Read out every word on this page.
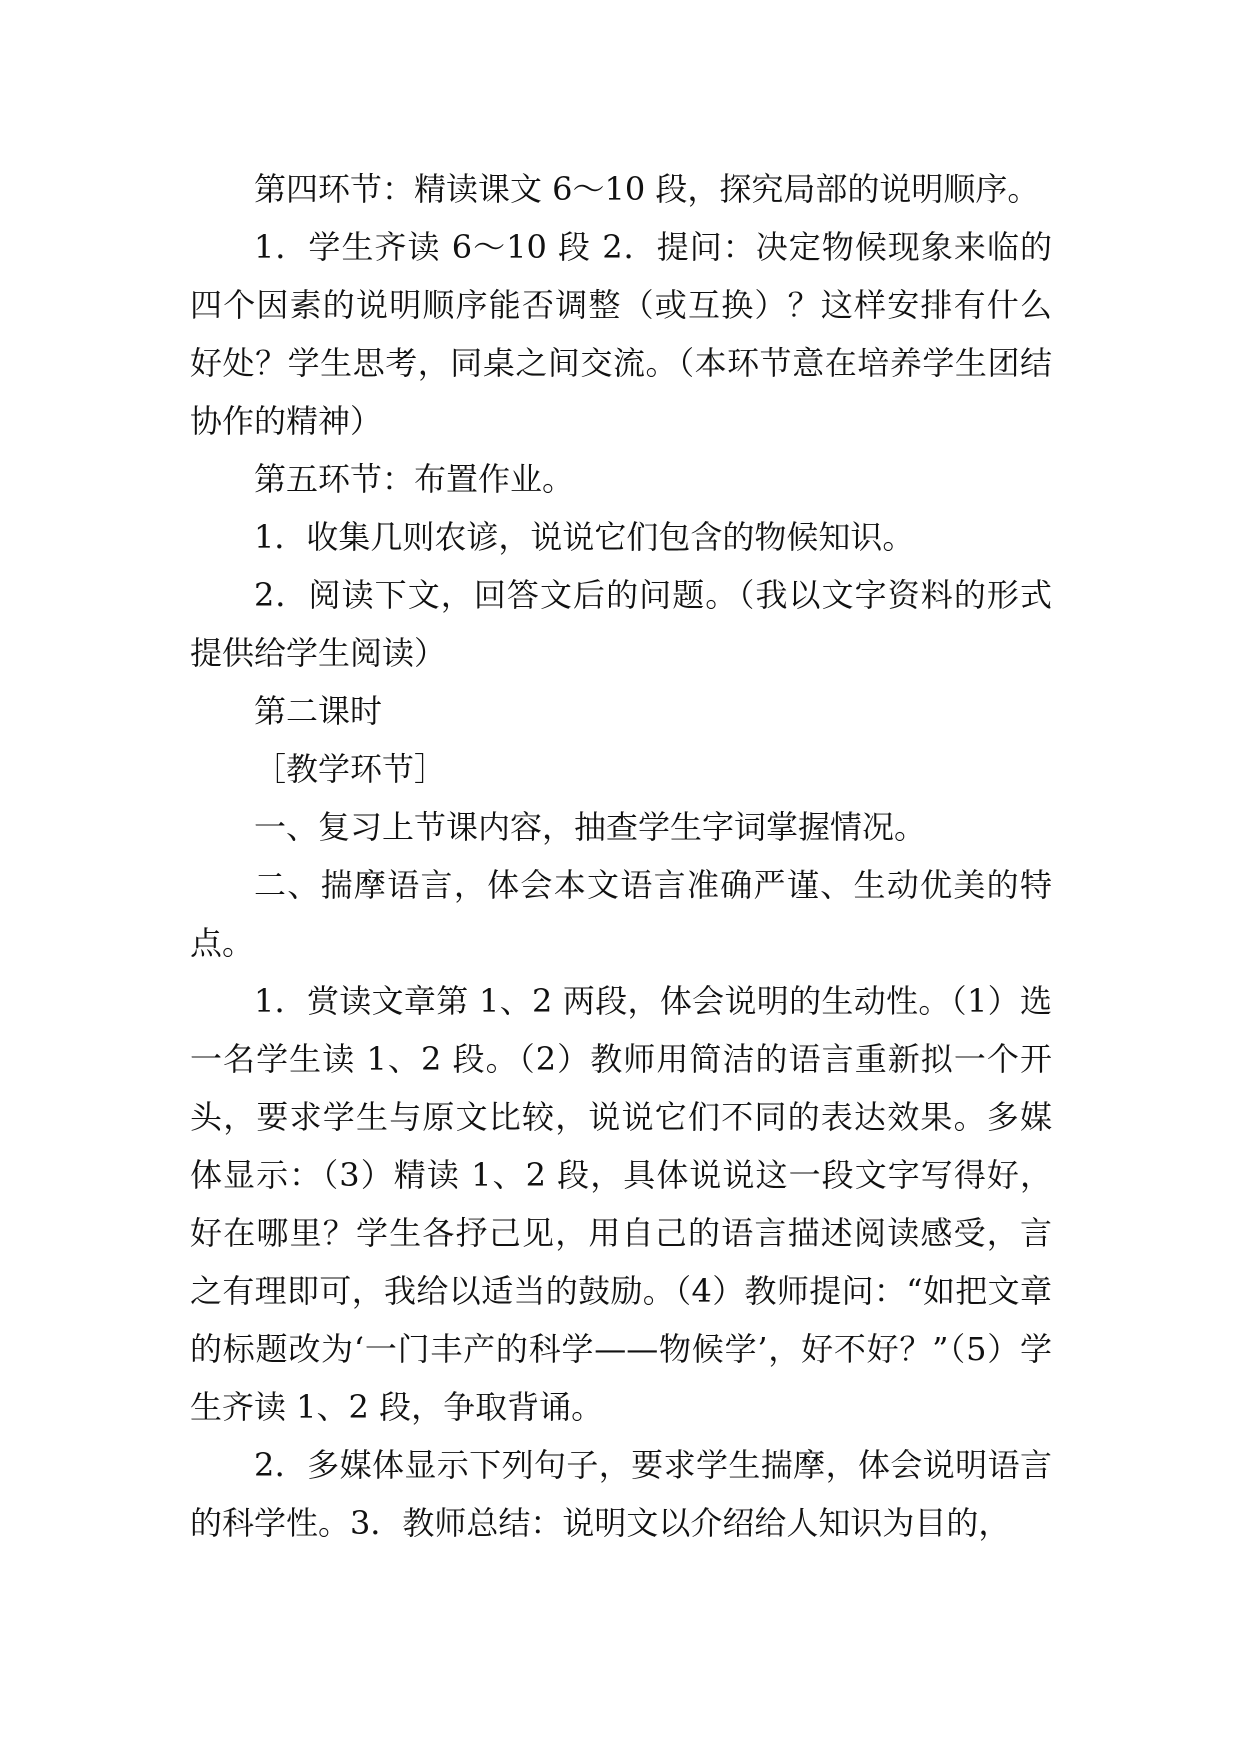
第四环节：精读课文 6～10 段，探究局部的说明顺序。

1．学生齐读 6～10 段 2．提问：决定物候现象来临的四个因素的说明顺序能否调整（或互换）？这样安排有什么好处？学生思考，同桌之间交流。（本环节意在培养学生团结协作的精神）

第五环节：布置作业。

1．收集几则农谚，说说它们包含的物候知识。

2．阅读下文，回答文后的问题。（我以文字资料的形式提供给学生阅读）

第二课时

［教学环节］

一、复习上节课内容，抽查学生字词掌握情况。

二、揣摩语言，体会本文语言准确严谨、生动优美的特点。

1．赏读文章第 1、2 两段，体会说明的生动性。（1）选一名学生读 1、2 段。（2）教师用简洁的语言重新拟一个开头，要求学生与原文比较，说说它们不同的表达效果。多媒体显示：（3）精读 1、2 段，具体说说这一段文字写得好，好在哪里？学生各抒己见，用自己的语言描述阅读感受，言之有理即可，我给以适当的鼓励。（4）教师提问：“如把文章的标题改为‘一门丰产的科学——物候学’，好不好？”（5）学生齐读 1、2 段，争取背诵。

2．多媒体显示下列句子，要求学生揣摩，体会说明语言的科学性。3．教师总结：说明文以介绍给人知识为目的，
